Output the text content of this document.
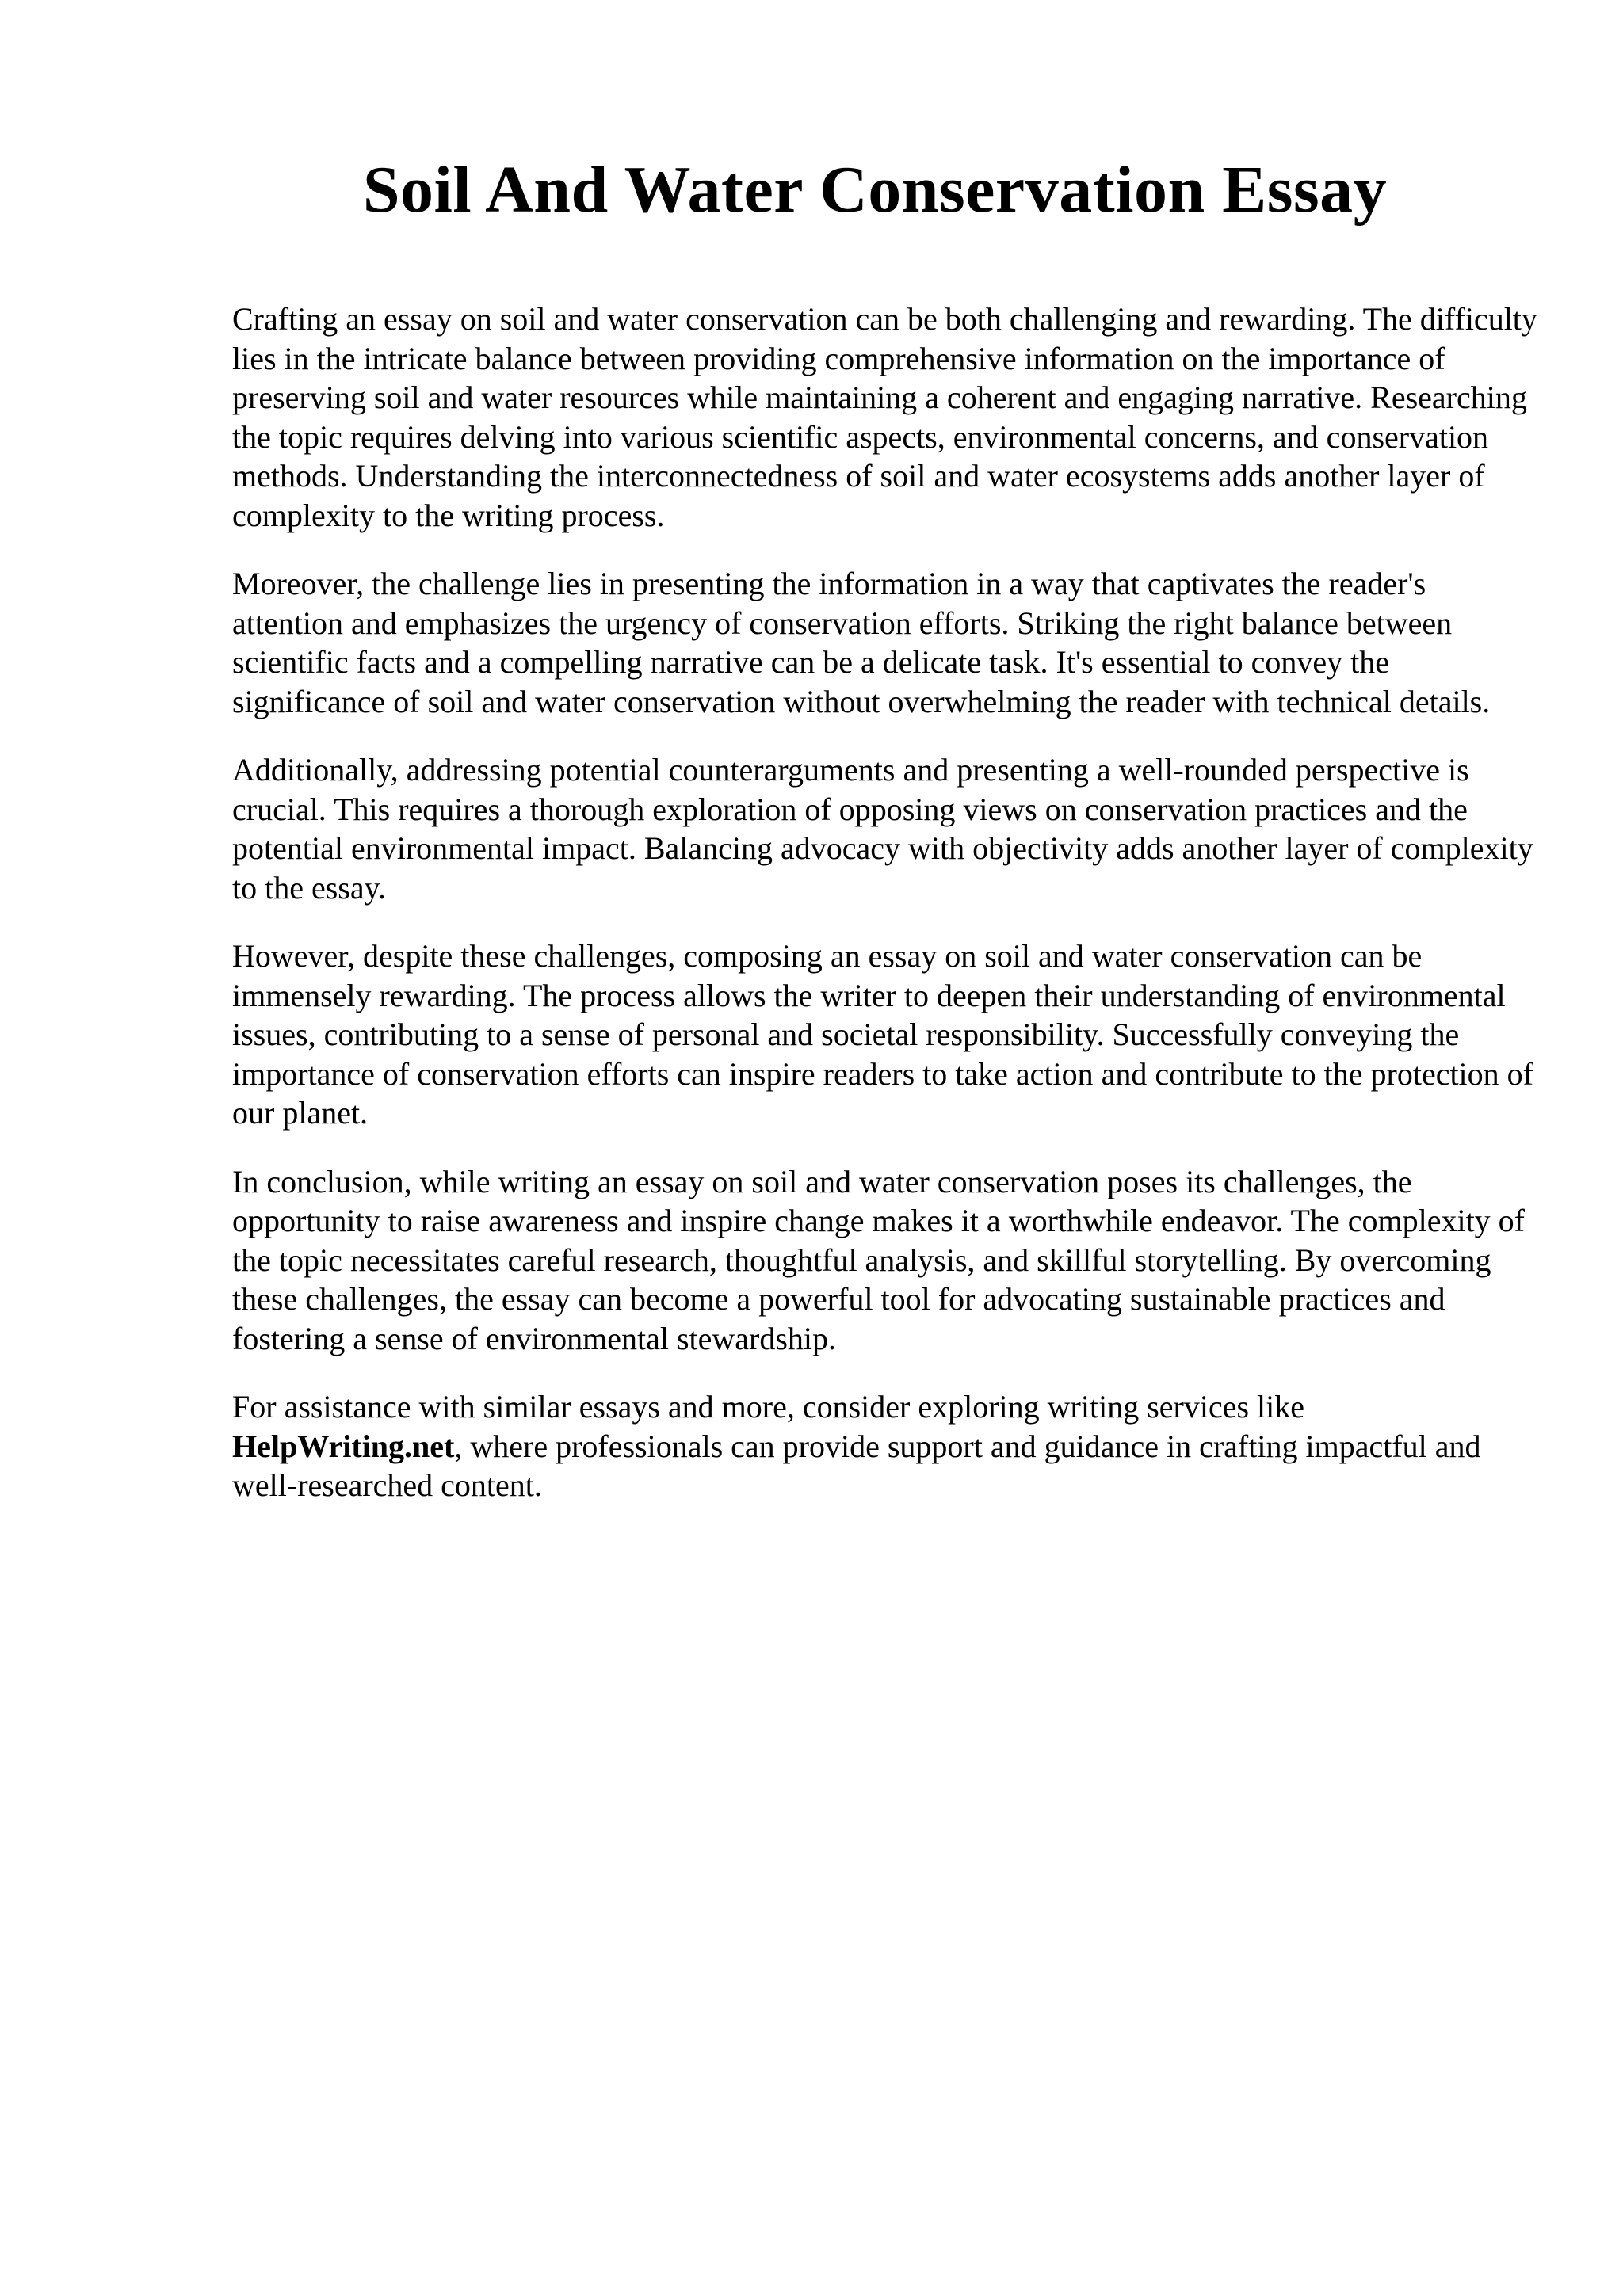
Soil And Water Conservation Essay

Crafting an essay on soil and water conservation can be both challenging and rewarding. The difficulty lies in the intricate balance between providing comprehensive information on the importance of preserving soil and water resources while maintaining a coherent and engaging narrative. Researching the topic requires delving into various scientific aspects, environmental concerns, and conservation methods. Understanding the interconnectedness of soil and water ecosystems adds another layer of complexity to the writing process.

Moreover, the challenge lies in presenting the information in a way that captivates the reader's attention and emphasizes the urgency of conservation efforts. Striking the right balance between scientific facts and a compelling narrative can be a delicate task. It's essential to convey the significance of soil and water conservation without overwhelming the reader with technical details.

Additionally, addressing potential counterarguments and presenting a well-rounded perspective is crucial. This requires a thorough exploration of opposing views on conservation practices and the potential environmental impact. Balancing advocacy with objectivity adds another layer of complexity to the essay.

However, despite these challenges, composing an essay on soil and water conservation can be immensely rewarding. The process allows the writer to deepen their understanding of environmental issues, contributing to a sense of personal and societal responsibility. Successfully conveying the importance of conservation efforts can inspire readers to take action and contribute to the protection of our planet.

In conclusion, while writing an essay on soil and water conservation poses its challenges, the opportunity to raise awareness and inspire change makes it a worthwhile endeavor. The complexity of the topic necessitates careful research, thoughtful analysis, and skillful storytelling. By overcoming these challenges, the essay can become a powerful tool for advocating sustainable practices and fostering a sense of environmental stewardship.

For assistance with similar essays and more, consider exploring writing services like HelpWriting.net, where professionals can provide support and guidance in crafting impactful and well-researched content.
